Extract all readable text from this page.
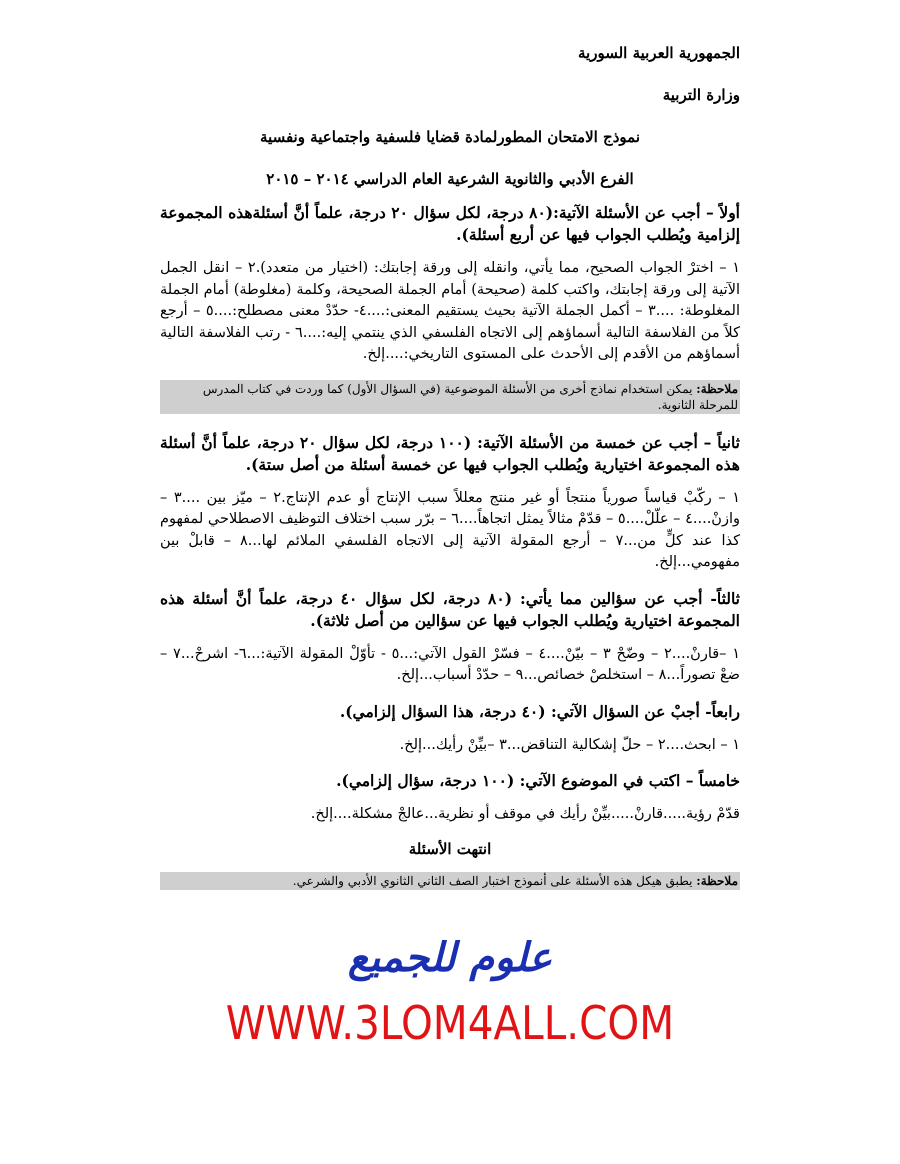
الجمهورية العربية السورية
وزارة التربية
نموذج الامتحان المطورلمادة قضايا فلسفية واجتماعية ونفسية
الفرع الأدبي والثانوية الشرعية العام الدراسي ٢٠١٤ – ٢٠١٥
أولاً – أجب عن الأسئلة الآتية:(٨٠ درجة، لكل سؤال ٢٠ درجة، علماً أنَّ أسئلةهذه المجموعة إلزامية ويُطلب الجواب فيها عن أربع أسئلة).
١ – اخترْ الجواب الصحيح، مما يأتي، وانقله إلى ورقة إجابتك: (اختيار من متعدد).٢ – انقل الجمل الآتية إلى ورقة إجابتك، واكتب كلمة (صحيحة) أمام الجملة الصحيحة، وكلمة (مغلوطة) أمام الجملة المغلوطة: ....٣ – أكمل الجملة الآتية بحيث يستقيم المعنى:....٤- حدّدْ معنى مصطلح:....٥ – أرجع كلاً من الفلاسفة التالية أسماؤهم إلى الاتجاه الفلسفي الذي ينتمي إليه:....٦ - رتب الفلاسفة التالية أسماؤهم من الأقدم إلى الأحدث على المستوى التاريخي:....إلخ.
ملاحظة: يمكن استخدام نماذج أخرى من الأسئلة الموضوعية (في السؤال الأول) كما وردت في كتاب المدرس للمرحلة الثانوية.
ثانياً – أجب عن خمسة من الأسئلة الآتية: (١٠٠ درجة، لكل سؤال ٢٠ درجة، علماً أنَّ أسئلة هذه المجموعة اختيارية ويُطلب الجواب فيها عن خمسة أسئلة من أصل ستة).
١ – ركّبْ قياساً صورياً منتجاً أو غير منتج معللاً سبب الإنتاج أو عدم الإنتاج.٢ – ميّز بين ....٣ – وازنْ....٤ – علّلْ....٥ – قدّمْ مثالاً يمثل اتجاهاً....٦ – برّر سبب اختلاف التوظيف الاصطلاحي لمفهوم كذا عند كلٍّ من...٧ – أرجع المقولة الآتية إلى الاتجاه الفلسفي الملائم لها...٨ – قابلْ بين مفهومي...إلخ.
ثالثاً- أجب عن سؤالين مما يأتي: (٨٠ درجة، لكل سؤال ٤٠ درجة، علماً أنَّ أسئلة هذه المجموعة اختيارية ويُطلب الجواب فيها عن سؤالين من أصل ثلاثة).
١ –قارنْ....٢ – وضّحْ ٣ – بيّنْ....٤ – فسّرْ القول الآتي:...٥ - تأوّلْ المقولة الآتية:...٦- اشرحْ...٧ – ضعْ تصوراً...٨ – استخلصْ خصائص...٩ – حدّدْ أسباب...إلخ.
رابعاً- أجبْ عن السؤال الآتي: (٤٠ درجة، هذا السؤال إلزامي).
١ – ابحث....٢ – حلّ إشكالية التناقض...٣ –بيِّنْ رأيك...إلخ.
خامساً – اكتب في الموضوع الآتي: (١٠٠ درجة، سؤال إلزامي).
قدّمْ رؤية.....قارنْ.....بيِّنْ رأيك في موقف أو نظرية...عالجْ مشكلة....إلخ.
انتهت الأسئلة
ملاحظة: يطبق هيكل هذه الأسئلة على أنموذج اختبار الصف الثاني الثانوي الأدبي والشرعي.
علوم للجميع
WWW.3LOM4ALL.COM
